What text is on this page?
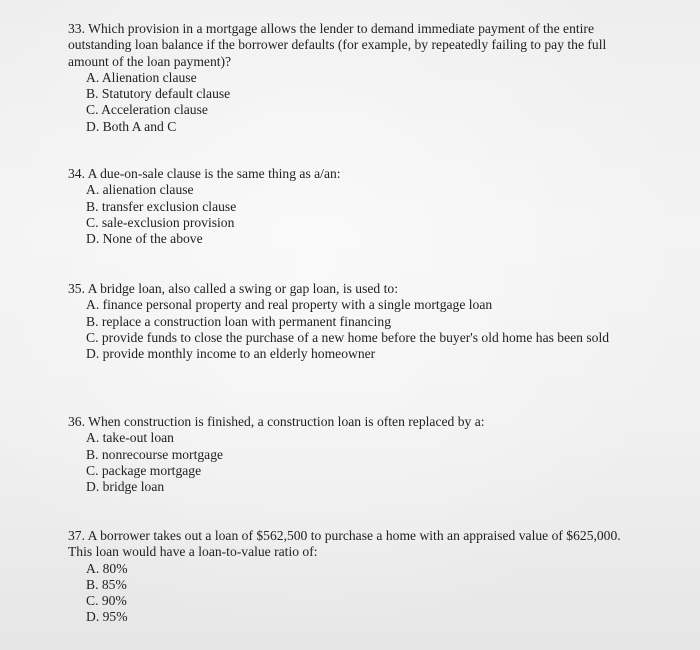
33. Which provision in a mortgage allows the lender to demand immediate payment of the entire outstanding loan balance if the borrower defaults (for example, by repeatedly failing to pay the full amount of the loan payment)?

A. Alienation clause
B. Statutory default clause
C. Acceleration clause
D. Both A and C

34. A due-on-sale clause is the same thing as a/an:

A. alienation clause
B. transfer exclusion clause
C. sale-exclusion provision
D. None of the above

35. A bridge loan, also called a swing or gap loan, is used to:

A. finance personal property and real property with a single mortgage loan
B. replace a construction loan with permanent financing
C. provide funds to close the purchase of a new home before the buyer's old home has been sold
D. provide monthly income to an elderly homeowner

36. When construction is finished, a construction loan is often replaced by a:

A. take-out loan
B. nonrecourse mortgage
C. package mortgage
D. bridge loan

37. A borrower takes out a loan of $562,500 to purchase a home with an appraised value of $625,000. This loan would have a loan-to-value ratio of:

A. 80%
B. 85%
C. 90%
D. 95%
